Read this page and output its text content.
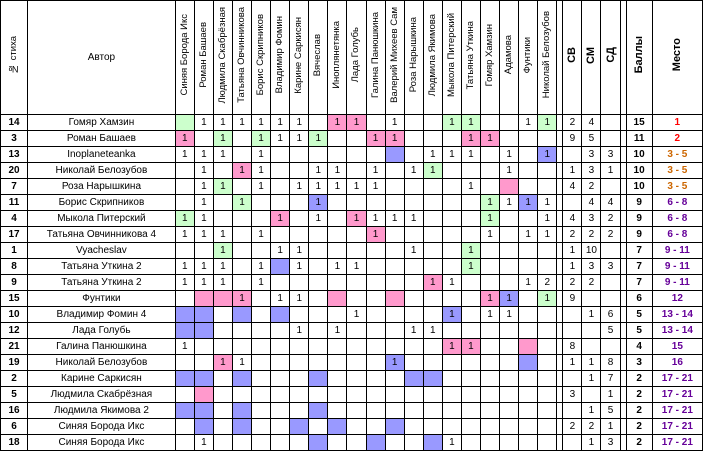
№ стиха	Автор	Синяя Борода Икс	Роман Башаев	Людмила Скабрёзная	Татьяна Овчинникова	Борис Скрипников	Владимир Фомин	Карине Саркисян	Вячеслав	Иноплянетянка	Лада Голубь	Галина Панюшкина	Валерий Михеев Сам	Роза Нарышкина	Людмила Якимова	Мыкола Питерский	Татьяна Уткина	Гомяр Хамзин	Адамова	Фунтики	Николай Белозубов		СВ	СМ	СД		Баллы	Место
14	Гомяр Хамзин		1	1	1	1	1	1		1	1		1			1	1			1	1		2	4			15	1
3	Роман Башаев	1		1		1	1	1	1			1	1				1	1					9	5			11	2
13	Inoplaneteanka	1	1	1		1									1	1	1		1		1			3	3		10	3 - 5
20	Николай Белозубов		1		1	1			1	1		1		1	1				1				1	3	1		10	3 - 5
7	Роза Нарышкина		1	1		1		1	1	1	1	1					1						4	2			10	3 - 5
11	Борис Скрипников		1		1				1									1	1	1	1			4	4		9	6 - 8
4	Мыкола Питерский	1	1				1		1		1	1	1	1				1			1		4	3	2		9	6 - 8
17	Татьяна Овчинникова 4	1	1	1		1						1						1		1	1		2	2	2		9	6 - 8
1	Vyacheslav			1			1	1						1			1						1	10			7	9 - 11
8	Татьяна Уткина 2	1	1	1		1		1		1	1						1						1	3	3		7	9 - 11
9	Татьяна Уткина 2	1	1	1		1									1	1				1	2		2	2			7	9 - 11
15	Фунтики				1		1	1										1	1		1		9				6	12
10	Владимир Фомин 4										1					1		1	1					1	6		5	13 - 14
12	Лада Голубь							1		1				1	1										5		5	13 - 14
21	Галина Панюшкина	1														1	1						8				4	15
19	Николай Белозубов			1	1								1										1	1	8		3	16
2	Карине Саркисян																							1	7		2	17 - 21
5	Людмила Скабрёзная																						3		1		2	17 - 21
16	Людмила Якимова 2																							1	5		2	17 - 21
6	Синяя Борода Икс																						2	2	1		2	17 - 21
18	Синяя Борода Икс		1													1								1	3		2	17 - 21
